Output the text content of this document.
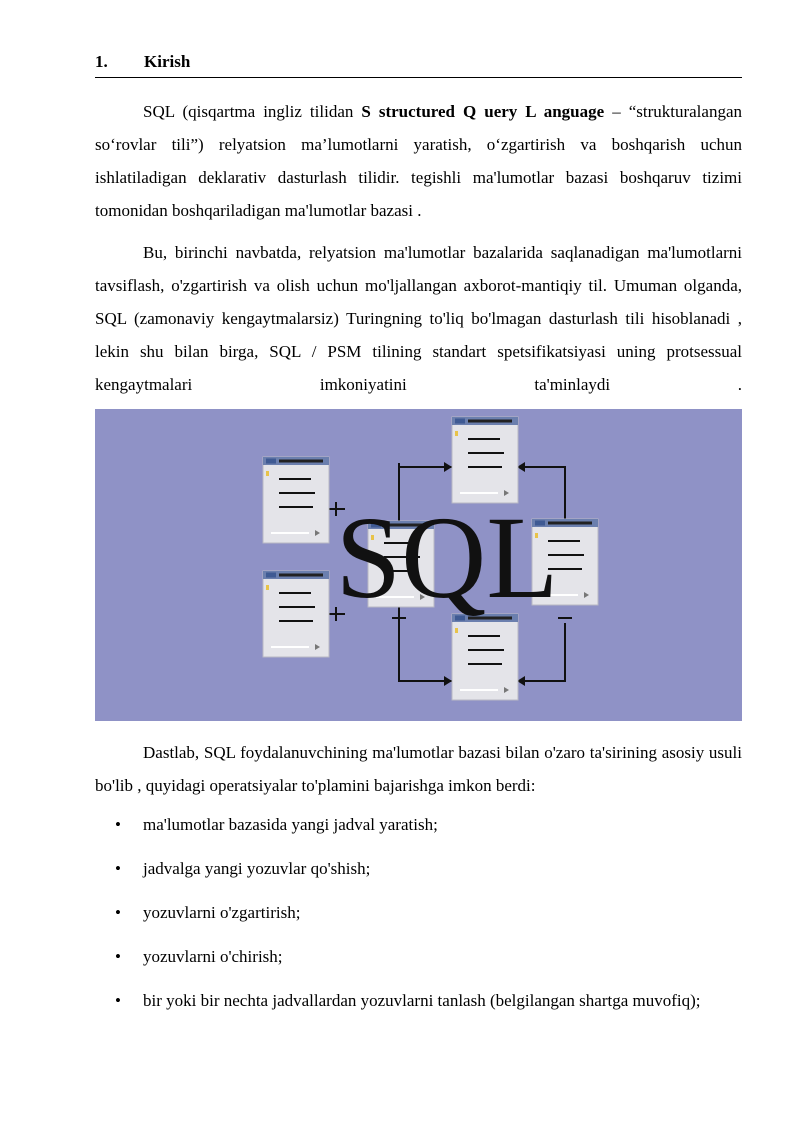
1.	Kirish

SQL (qisqartma ingliz tilidan S structured Q uery L anguage – “strukturalangan so‘rovlar tili”) relyatsion ma’lumotlarni yaratish, o‘zgartirish va boshqarish uchun ishlatiladigan deklarativ dasturlash tilidir. tegishli ma'lumotlar bazasi boshqaruv tizimi tomonidan boshqariladigan ma'lumotlar bazasi .

Bu, birinchi navbatda, relyatsion ma'lumotlar bazalarida saqlanadigan ma'lumotlarni tavsiflash, o'zgartirish va olish uchun mo'ljallangan axborot-mantiqiy til. Umuman olganda, SQL (zamonaviy kengaytmalarsiz) Turingning to'liq bo'lmagan dasturlash tili hisoblanadi , lekin shu bilan birga, SQL / PSM tilining standart spetsifikatsiyasi uning protsessual kengaytmalari imkoniyatini ta'minlaydi .

SQL

Dastlab, SQL foydalanuvchining ma'lumotlar bazasi bilan o'zaro ta'sirining asosiy usuli bo'lib , quyidagi operatsiyalar to'plamini bajarishga imkon berdi:

• ma'lumotlar bazasida yangi jadval yaratish;
• jadvalga yangi yozuvlar qo'shish;
• yozuvlarni o'zgartirish;
• yozuvlarni o'chirish;
• bir yoki bir nechta jadvallardan yozuvlarni tanlash (belgilangan shartga muvofiq);
